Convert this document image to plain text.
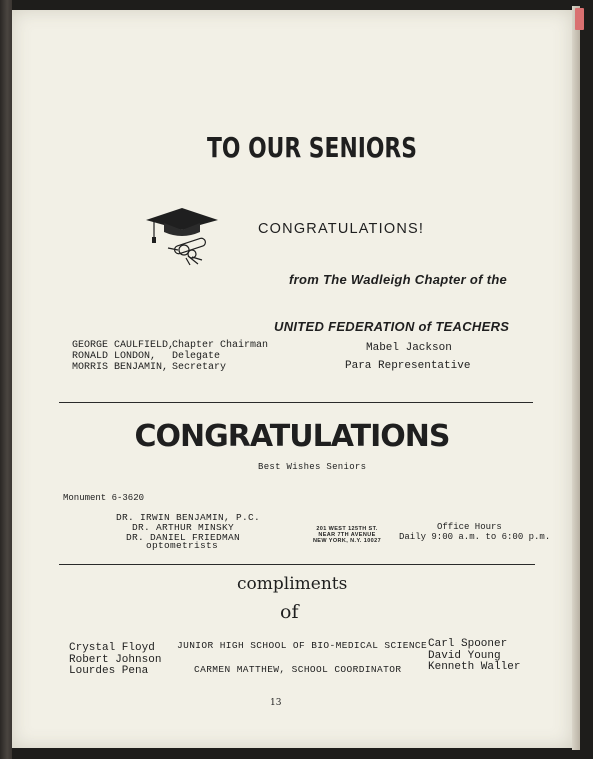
TO OUR SENIORS
CONGRATULATIONS!
from The Wadleigh Chapter of the
UNITED FEDERATION of TEACHERS
GEORGE CAULFIELD,
RONALD LONDON,
MORRIS BENJAMIN,
Chapter Chairman
Delegate
Secretary
Mabel Jackson
Para Representative
CONGRATULATIONS
Best Wishes Seniors
Monument 6-3620
DR. IRWIN BENJAMIN, P.C.
DR. ARTHUR MINSKY
DR. DANIEL FRIEDMAN
optometrists
201 WEST 125TH ST.
NEAR 7TH AVENUE
NEW YORK, N.Y. 10027
Office Hours
Daily 9:00 a.m. to 6:00 p.m.
compliments
of
Crystal Floyd
Robert Johnson
Lourdes Pena
JUNIOR HIGH SCHOOL OF BIO-MEDICAL SCIENCE
CARMEN MATTHEW, SCHOOL COORDINATOR
Carl Spooner
David Young
Kenneth Waller
13
